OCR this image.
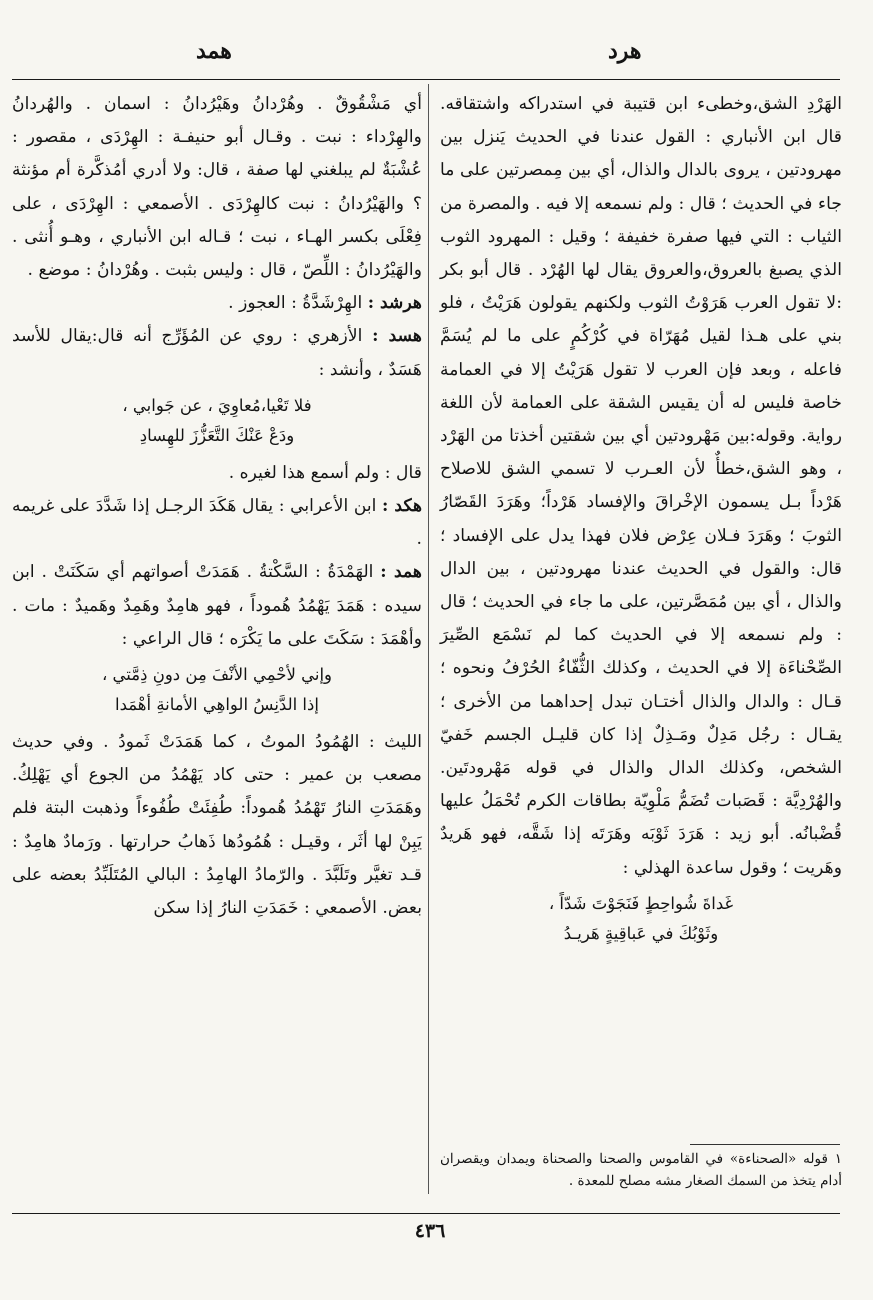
هرد
همد

الهَرْدِ الشق،وخطىء ابن قتيبة في استدراكه واشتقاقه. قال ابن الأنباري : القول عندنا في الحديث يَنزل بين مهرودتين ، يروى بالدال والذال، أي بين مِمصرتين على ما جاء في الحديث ؛ قال : ولم نسمعه إلا فيه . والمصرة من الثياب : التي فيها صفرة خفيفة ؛ وقيل : المهرود الثوب الذي يصبغ بالعروق،والعروق يقال لها الهُرْد . قال أبو بكر :لا تقول العرب هَرَوْتُ الثوب ولكنهم يقولون هَرَيْتُ ، فلو بني على هـذا لقيل مُهَرّاة في كُرْكُمٍ على ما لم يُسَمَّ فاعله ، وبعد فإن العرب لا تقول هَرَيْتُ إلا في العمامة خاصة فليس له أن يقيس الشقة على العمامة لأن اللغة رواية. وقوله:بين مَهْرودتين أي بين شقتين أخذتا من الهَرْد ، وهو الشق،خطأٌ لأن العـرب لا تسمي الشق للاصلاح هَرْداً بـل يسمون الإخْراقَ والإفساد هَرْداً؛ وهَرَدَ القَصّارُ الثوبَ ؛ وهَرَدَ فـلان عِرْض فلان فهذا يدل على الإفساد ؛ قال: والقول في الحديث عندنا مهرودتين ، بين الدال والذال ، أي بين مُمَصَّرتين، على ما جاء في الحديث ؛ قال : ولم نسمعه إلا في الحديث كما لم نَسْمَع الصِّيرَ الصِّحْناءَة إلا في الحديث ، وكذلك الثُّفّاءُ الحُرْفُ ونحوه ؛ قـال : والدال والذال أختـان تبدل إحداهما من الأخرى ؛ يقـال : رجُل مَدِلٌ ومَـذِلٌ إذا كان قليـل الجسم خَفيّ الشخص، وكذلك الدال والذال في قوله مَهْرودتَين. والهُرْدِيَّة : قَصَبات تُضَمُّ مَلْوِيّة بطاقات الكرم تُحْمَلُ عليها قُضْبانُه. أبو زيد : هَرَدَ ثَوْبَه وهَرَتَه إذا شَقَّه، فهو هَريدٌ وهَريت ؛ وقول ساعدة الهذلي :

غَداةَ شُواحِطٍ فَنَجَوْتَ شَدّاً ،

وثَوْبُكَ في عَباقِيةٍ هَريـدُ

١ قوله «الصحناءة» في القاموس والصحنا والصحناة ويمدان ويقصران أدام يتخذ من السمك الصغار مشه مصلح للمعدة .

أي مَشْقُوقٌ . وهُرْدانُ وهَيْرُدانُ : اسمان . والهُردانُ والهِرْداء : نبت . وقـال أبو حنيفـة : الهِرْدَى ، مقصور : عُشْبَةٌ لم يبلغني لها صفة ، قال: ولا أدري أمُذكَّرة أم مؤنثة ؟ والهَيْرُدانُ : نبت كالهِرْدَى . الأصمعي : الهِرْدَى ، على فِعْلَى بكسر الهـاء ، نبت ؛ قـاله ابن الأنباري ، وهـو أُنثى . والهَيْرُدانُ : اللِّصّ ، قال : وليس بثبت . وهُرْدانُ : موضع .

هرشد : الهِرْشَدَّةُ : العجوز .

هسد : الأزهري : روي عن المُؤَرِّج أنه قال:يقال للأسد هَسَدٌ ، وأنشد :

فلا تَعْيا،مُعاوِيَ ، عن جَوابي ،

ودَعْ عَنْكَ التَّعَزُّزَ للهِسادِ

قال : ولم أسمع هذا لغيره .

هكد : ابن الأعرابي : يقال هَكَدَ الرجـل إذا شَدَّدَ على غريمه .

همد : الهَمْدَةُ : السَّكْتةُ . هَمَدَتْ أصواتهم أي سَكَنَتْ . ابن سيده : هَمَدَ يَهْمُدُ هُموداً ، فهو هامِدٌ وهَمِدٌ وهَميدٌ : مات . وأهْمَدَ : سَكَتَ على ما يَكْرَه ؛ قال الراعي :

وإني لأحْمِي الأنْفَ مِن دونِ ذِمَّتي ،

إذا الدَّنِسُ الواهِي الأمانةِ أهْمَدا

الليث : الهُمُودُ الموتُ ، كما هَمَدَتْ ثَمودُ . وفي حديث مصعب بن عمير : حتى كاد يَهْمُدُ من الجوع أي يَهْلِكُ. وهَمَدَتِ النارُ تَهْمُدُ هُموداً: طُفِئَتْ طُفُوءاً وذهبت البتة فلم يَبِنْ لها أثَر ، وقيـل : هُمُودُها ذَهابُ حرارتها . ورَمادٌ هامِدٌ : قـد تغيَّر وتَلَبَّدَ . والرّمادُ الهامِدُ : البالي المُتَلَبِّدُ بعضه على بعض. الأصمعي : خَمَدَتِ النارُ إذا سكن

٤٣٦
